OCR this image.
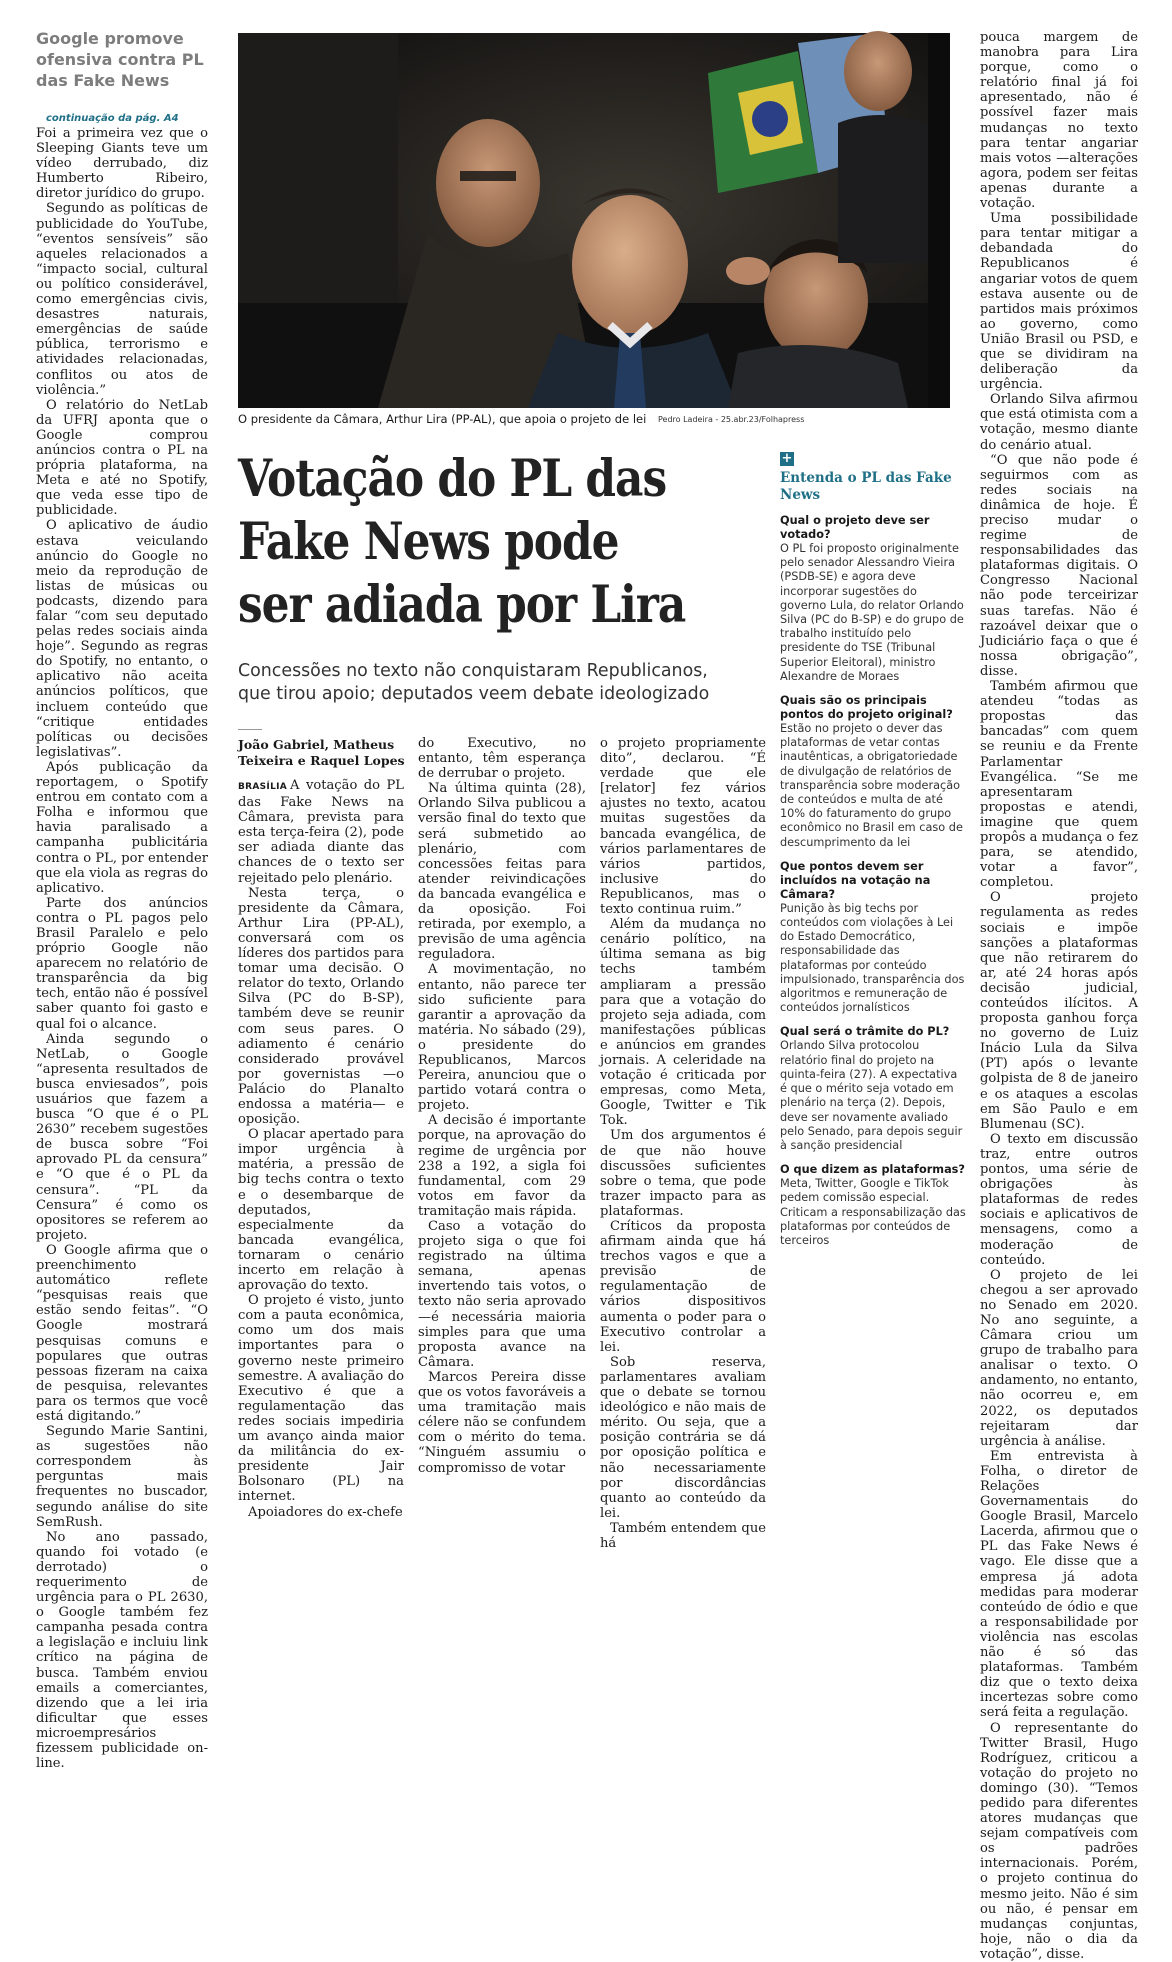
Google promove ofensiva contra PL das Fake News

continuação da pág. A4

Foi a primeira vez que o Sleeping Giants teve um vídeo derrubado, diz Humberto Ribeiro, diretor jurídico do grupo.

Segundo as políticas de publicidade do YouTube, “eventos sensíveis” são aqueles relacionados a “impacto social, cultural ou político considerável, como emergências civis, desastres naturais, emergências de saúde pública, terrorismo e atividades relacionadas, conflitos ou atos de violência.”

O relatório do NetLab da UFRJ aponta que o Google comprou anúncios contra o PL na própria plataforma, na Meta e até no Spotify, que veda esse tipo de publicidade.

O aplicativo de áudio estava veiculando anúncio do Google no meio da reprodução de listas de músicas ou podcasts, dizendo para falar “com seu deputado pelas redes sociais ainda hoje”. Segundo as regras do Spotify, no entanto, o aplicativo não aceita anúncios políticos, que incluem conteúdo que “critique entidades políticas ou decisões legislativas”.

Após publicação da reportagem, o Spotify entrou em contato com a Folha e informou que havia paralisado a campanha publicitária contra o PL, por entender que ela viola as regras do aplicativo.

Parte dos anúncios contra o PL pagos pelo Brasil Paralelo e pelo próprio Google não aparecem no relatório de transparência da big tech, então não é possível saber quanto foi gasto e qual foi o alcance.

Ainda segundo o NetLab, o Google “apresenta resultados de busca enviesados”, pois usuários que fazem a busca “O que é o PL 2630” recebem sugestões de busca sobre “Foi aprovado PL da censura” e “O que é o PL da censura”. “PL da Censura” é como os opositores se referem ao projeto.

O Google afirma que o preenchimento automático reflete “pesquisas reais que estão sendo feitas”. “O Google mostrará pesquisas comuns e populares que outras pessoas fizeram na caixa de pesquisa, relevantes para os termos que você está digitando.”

Segundo Marie Santini, as sugestões não correspondem às perguntas mais frequentes no buscador, segundo análise do site SemRush.

No ano passado, quando foi votado (e derrotado) o requerimento de urgência para o PL 2630, o Google também fez campanha pesada contra a legislação e incluiu link crítico na página de busca. Também enviou emails a comerciantes, dizendo que a lei iria dificultar que esses microempresários fizessem publicidade on-line.

O presidente da Câmara, Arthur Lira (PP-AL), que apoia o projeto de lei Pedro Ladeira - 25.abr.23/Folhapress
Votação do PL das
Fake News pode
ser adiada por Lira
Concessões no texto não conquistaram Republicanos,
que tirou apoio; deputados veem debate ideologizado
João Gabriel, Matheus Teixeira e Raquel Lopes

BRASÍLIA A votação do PL das Fake News na Câmara, prevista para esta terça-feira (2), pode ser adiada diante das chances de o texto ser rejeitado pelo plenário.

Nesta terça, o presidente da Câmara, Arthur Lira (PP-AL), conversará com os líderes dos partidos para tomar uma decisão. O relator do texto, Orlando Silva (PC do B-SP), também deve se reunir com seus pares. O adiamento é cenário considerado provável por governistas —o Palácio do Planalto endossa a matéria— e oposição.

O placar apertado para impor urgência à matéria, a pressão de big techs contra o texto e o desembarque de deputados, especialmente da bancada evangélica, tornaram o cenário incerto em relação à aprovação do texto.

O projeto é visto, junto com a pauta econômica, como um dos mais importantes para o governo neste primeiro semestre. A avaliação do Executivo é que a regulamentação das redes sociais impediria um avanço ainda maior da militância do ex-presidente Jair Bolsonaro (PL) na internet.

Apoiadores do ex-chefe

do Executivo, no entanto, têm esperança de derrubar o projeto.

Na última quinta (28), Orlando Silva publicou a versão final do texto que será submetido ao plenário, com concessões feitas para atender reivindicações da bancada evangélica e da oposição. Foi retirada, por exemplo, a previsão de uma agência reguladora.

A movimentação, no entanto, não parece ter sido suficiente para garantir a aprovação da matéria. No sábado (29), o presidente do Republicanos, Marcos Pereira, anunciou que o partido votará contra o projeto.

A decisão é importante porque, na aprovação do regime de urgência por 238 a 192, a sigla foi fundamental, com 29 votos em favor da tramitação mais rápida.

Caso a votação do projeto siga o que foi registrado na última semana, apenas invertendo tais votos, o texto não seria aprovado —é necessária maioria simples para que uma proposta avance na Câmara.

Marcos Pereira disse que os votos favoráveis a uma tramitação mais célere não se confundem com o mérito do tema. “Ninguém assumiu o compromisso de votar

o projeto propriamente dito”, declarou. “É verdade que ele [relator] fez vários ajustes no texto, acatou muitas sugestões da bancada evangélica, de vários parlamentares de vários partidos, inclusive do Republicanos, mas o texto continua ruim.”

Além da mudança no cenário político, na última semana as big techs também ampliaram a pressão para que a votação do projeto seja adiada, com manifestações públicas e anúncios em grandes jornais. A celeridade na votação é criticada por empresas, como Meta, Google, Twitter e Tik Tok.

Um dos argumentos é de que não houve discussões suficientes sobre o tema, que pode trazer impacto para as plataformas.

Críticos da proposta afirmam ainda que há trechos vagos e que a previsão de regulamentação de vários dispositivos aumenta o poder para o Executivo controlar a lei.

Sob reserva, parlamentares avaliam que o debate se tornou ideológico e não mais de mérito. Ou seja, que a posição contrária se dá por oposição política e não necessariamente por discordâncias quanto ao conteúdo da lei.

Também entendem que há

+
Entenda o PL das Fake News
Qual o projeto deve ser votado?
O PL foi proposto originalmente pelo senador Alessandro Vieira (PSDB-SE) e agora deve incorporar sugestões do governo Lula, do relator Orlando Silva (PC do B-SP) e do grupo de trabalho instituído pelo presidente do TSE (Tribunal Superior Eleitoral), ministro Alexandre de Moraes
Quais são os principais pontos do projeto original?
Estão no projeto o dever das plataformas de vetar contas inautênticas, a obrigatoriedade de divulgação de relatórios de transparência sobre moderação de conteúdos e multa de até 10% do faturamento do grupo econômico no Brasil em caso de descumprimento da lei
Que pontos devem ser incluídos na votação na Câmara?
Punição às big techs por conteúdos com violações à Lei do Estado Democrático, responsabilidade das plataformas por conteúdo impulsionado, transparência dos algoritmos e remuneração de conteúdos jornalísticos
Qual será o trâmite do PL?
Orlando Silva protocolou relatório final do projeto na quinta-feira (27). A expectativa é que o mérito seja votado em plenário na terça (2). Depois, deve ser novamente avaliado pelo Senado, para depois seguir à sanção presidencial
O que dizem as plataformas?
Meta, Twitter, Google e TikTok pedem comissão especial. Criticam a responsabilização das plataformas por conteúdos de terceiros

pouca margem de manobra para Lira porque, como o relatório final já foi apresentado, não é possível fazer mais mudanças no texto para tentar angariar mais votos —alterações agora, podem ser feitas apenas durante a votação.

Uma possibilidade para tentar mitigar a debandada do Republicanos é angariar votos de quem estava ausente ou de partidos mais próximos ao governo, como União Brasil ou PSD, e que se dividiram na deliberação da urgência.

Orlando Silva afirmou que está otimista com a votação, mesmo diante do cenário atual.

“O que não pode é seguirmos com as redes sociais na dinâmica de hoje. É preciso mudar o regime de responsabilidades das plataformas digitais. O Congresso Nacional não pode terceirizar suas tarefas. Não é razoável deixar que o Judiciário faça o que é nossa obrigação”, disse.

Também afirmou que atendeu “todas as propostas das bancadas” com quem se reuniu e da Frente Parlamentar Evangélica. “Se me apresentaram propostas e atendi, imagine que quem propôs a mudança o fez para, se atendido, votar a favor”, completou.

O projeto regulamenta as redes sociais e impõe sanções a plataformas que não retirarem do ar, até 24 horas após decisão judicial, conteúdos ilícitos. A proposta ganhou força no governo de Luiz Inácio Lula da Silva (PT) após o levante golpista de 8 de janeiro e os ataques a escolas em São Paulo e em Blumenau (SC).

O texto em discussão traz, entre outros pontos, uma série de obrigações às plataformas de redes sociais e aplicativos de mensagens, como a moderação de conteúdo.

O projeto de lei chegou a ser aprovado no Senado em 2020. No ano seguinte, a Câmara criou um grupo de trabalho para analisar o texto. O andamento, no entanto, não ocorreu e, em 2022, os deputados rejeitaram dar urgência à análise.

Em entrevista à Folha, o diretor de Relações Governamentais do Google Brasil, Marcelo Lacerda, afirmou que o PL das Fake News é vago. Ele disse que a empresa já adota medidas para moderar conteúdo de ódio e que a responsabilidade por violência nas escolas não é só das plataformas. Também diz que o texto deixa incertezas sobre como será feita a regulação.

O representante do Twitter Brasil, Hugo Rodríguez, criticou a votação do projeto no domingo (30). “Temos pedido para diferentes atores mudanças que sejam compatíveis com os padrões internacionais. Porém, o projeto continua do mesmo jeito. Não é sim ou não, é pensar em mudanças conjuntas, hoje, não o dia da votação”, disse.
